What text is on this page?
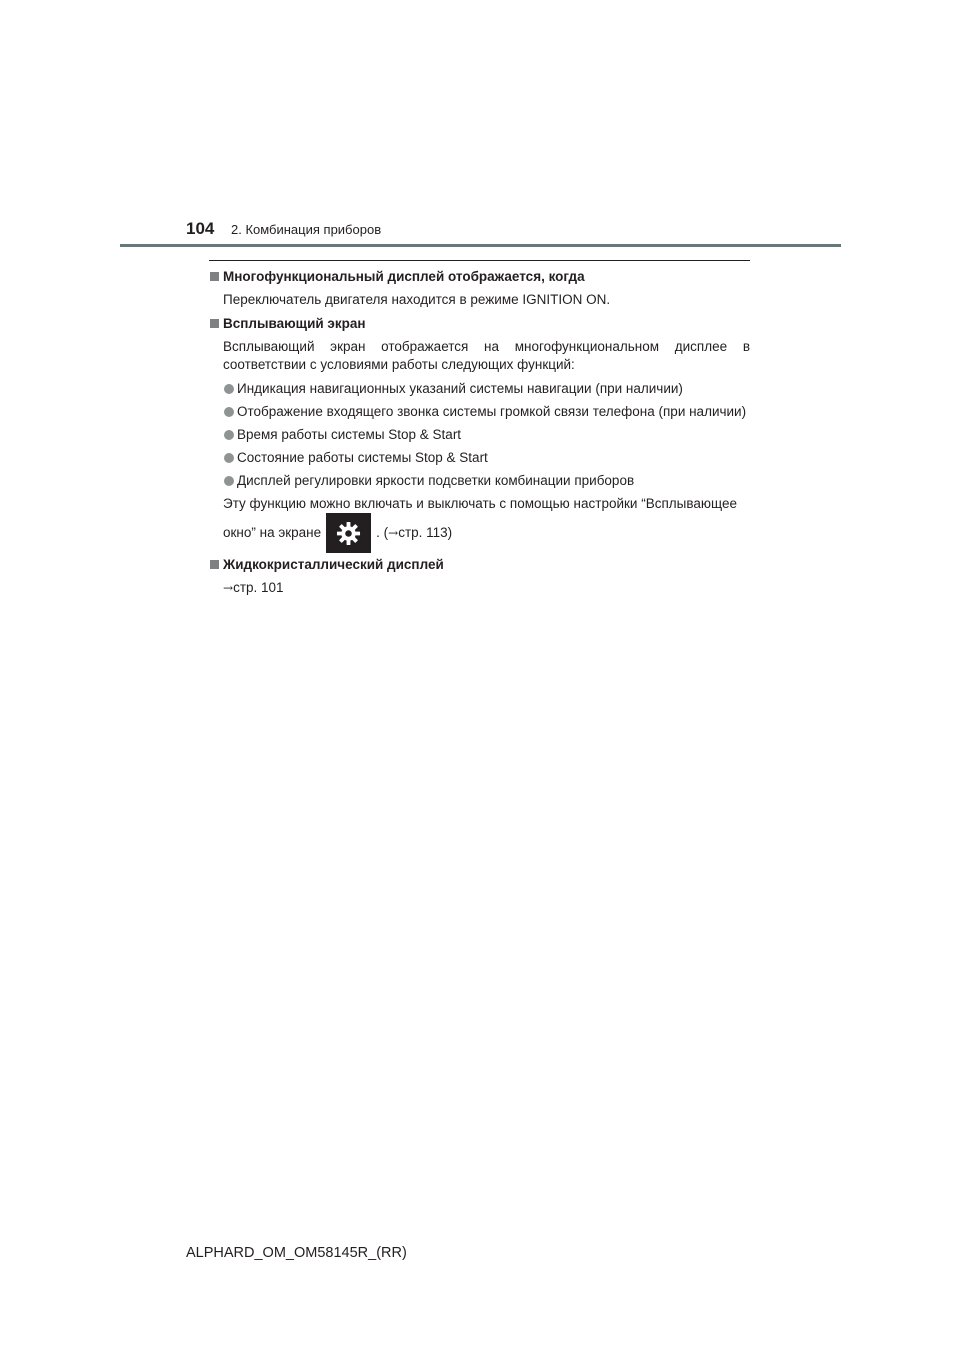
104 2. Комбинация приборов
Многофункциональный дисплей отображается, когда
Переключатель двигателя находится в режиме IGNITION ON.
Всплывающий экран
Всплывающий экран отображается на многофункциональном дисплее в соответствии с условиями работы следующих функций:
Индикация навигационных указаний системы навигации (при наличии)
Отображение входящего звонка системы громкой связи телефона (при наличии)
Время работы системы Stop & Start
Состояние работы системы Stop & Start
Дисплей регулировки яркости подсветки комбинации приборов
Эту функцию можно включать и выключать с помощью настройки “Всплывающее
окно” на экране	. (→стр. 113)
Жидкокристаллический дисплей
→стр. 101
ALPHARD_OM_OM58145R_(RR)
